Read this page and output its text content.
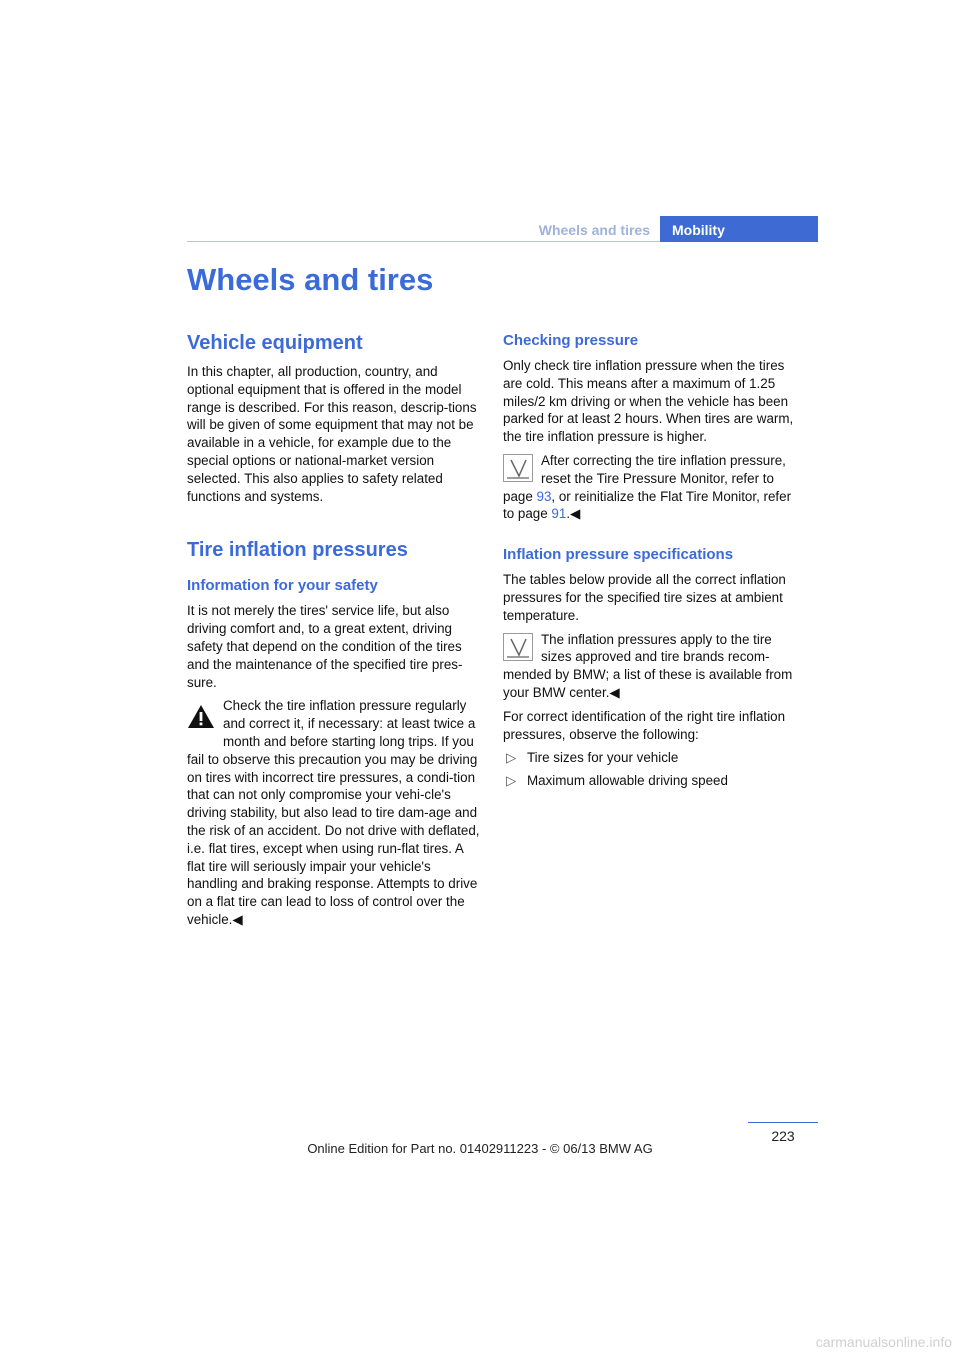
Wheels and tires	Mobility
Wheels and tires
Vehicle equipment

In this chapter, all production, country, and optional equipment that is offered in the model range is described. For this reason, descrip-tions will be given of some equipment that may not be available in a vehicle, for example due to the special options or national-market version selected. This also applies to safety related functions and systems.

Tire inflation pressures
Information for your safety

It is not merely the tires' service life, but also driving comfort and, to a great extent, driving safety that depend on the condition of the tires and the maintenance of the specified tire pres-sure.

Check the tire inflation pressure regularly and correct it, if necessary: at least twice a month and before starting long trips. If you fail to observe this precaution you may be driving on tires with incorrect tire pressures, a condi-tion that can not only compromise your vehi-cle's driving stability, but also lead to tire dam-age and the risk of an accident. Do not drive with deflated, i.e. flat tires, except when using run-flat tires. A flat tire will seriously impair your vehicle's handling and braking response. Attempts to drive on a flat tire can lead to loss of control over the vehicle.◀
Checking pressure

Only check tire inflation pressure when the tires are cold. This means after a maximum of 1.25 miles/2 km driving or when the vehicle has been parked for at least 2 hours. When tires are warm, the tire inflation pressure is higher.

After correcting the tire inflation pressure, reset the Tire Pressure Monitor, refer to page 93, or reinitialize the Flat Tire Monitor, refer to page 91.◀
Inflation pressure specifications

The tables below provide all the correct inflation pressures for the specified tire sizes at ambient temperature.

The inflation pressures apply to the tire sizes approved and tire brands recom-mended by BMW; a list of these is available from your BMW center.◀

For correct identification of the right tire inflation pressures, observe the following:

▷ Tire sizes for your vehicle
▷ Maximum allowable driving speed
223
Online Edition for Part no. 01402911223 - © 06/13 BMW AG
carmanualsonline.info
